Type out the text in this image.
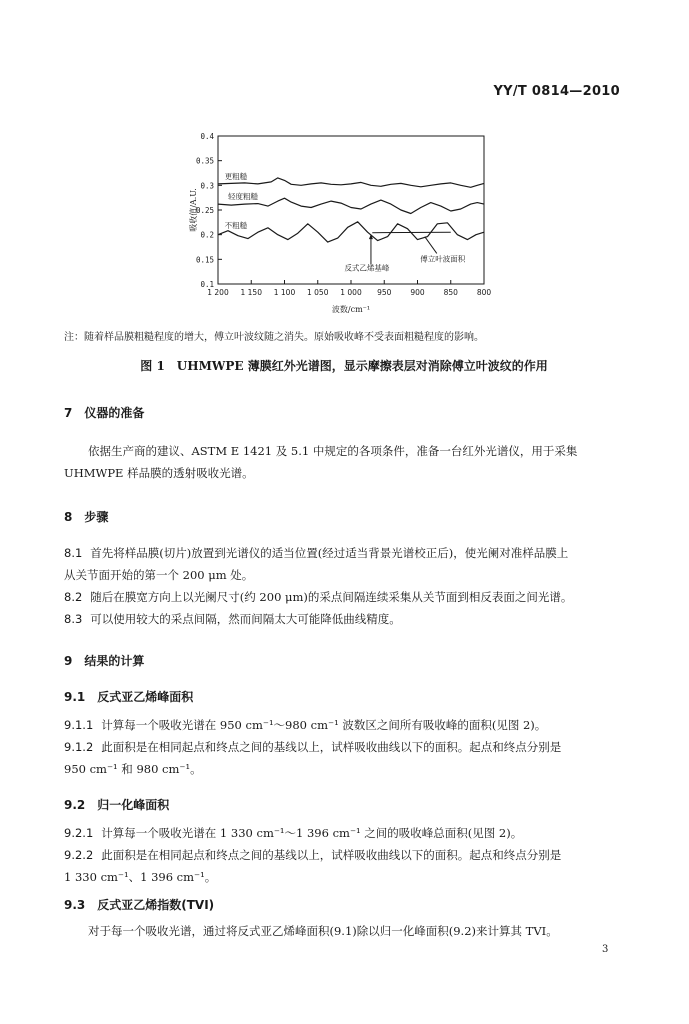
YY/T 0814—2010
0.4
0.35
0.3
0.25
0.2
0.15
0.1
1 200 1 150 1 100 1 050 1 000 950	900	850	800
波数/cm⁻¹
吸收值/A.U.
更粗糙
轻度粗糙
不粗糙
反式乙烯基峰
傅立叶波面积
注：随着样品膜粗糙程度的增大，傅立叶波纹随之消失。原始吸收峰不受表面粗糙程度的影响。
图 1　UHMWPE 薄膜红外光谱图，显示摩擦表层对消除傅立叶波纹的作用
7　仪器的准备
依据生产商的建议、ASTM E 1421 及 5.1 中规定的各项条件，准备一台红外光谱仪，用于采集
UHMWPE 样品膜的透射吸收光谱。
8　步骤
8.1 首先将样品膜(切片)放置到光谱仪的适当位置(经过适当背景光谱校正后)，使光阑对准样品膜上
从关节面开始的第一个 200 μm 处。
8.2 随后在膜宽方向上以光阑尺寸(约 200 μm)的采点间隔连续采集从关节面到相反表面之间光谱。
8.3 可以使用较大的采点间隔，然而间隔太大可能降低曲线精度。
9　结果的计算
9.1　反式亚乙烯峰面积
9.1.1 计算每一个吸收光谱在 950 cm⁻¹～980 cm⁻¹ 波数区之间所有吸收峰的面积(见图 2)。
9.1.2 此面积是在相同起点和终点之间的基线以上，试样吸收曲线以下的面积。起点和终点分别是
950 cm⁻¹ 和 980 cm⁻¹。
9.2　归一化峰面积
9.2.1 计算每一个吸收光谱在 1 330 cm⁻¹～1 396 cm⁻¹ 之间的吸收峰总面积(见图 2)。
9.2.2 此面积是在相同起点和终点之间的基线以上，试样吸收曲线以下的面积。起点和终点分别是
1 330 cm⁻¹、1 396 cm⁻¹。
9.3　反式亚乙烯指数(TVI)
对于每一个吸收光谱，通过将反式亚乙烯峰面积(9.1)除以归一化峰面积(9.2)来计算其 TVI。
3
